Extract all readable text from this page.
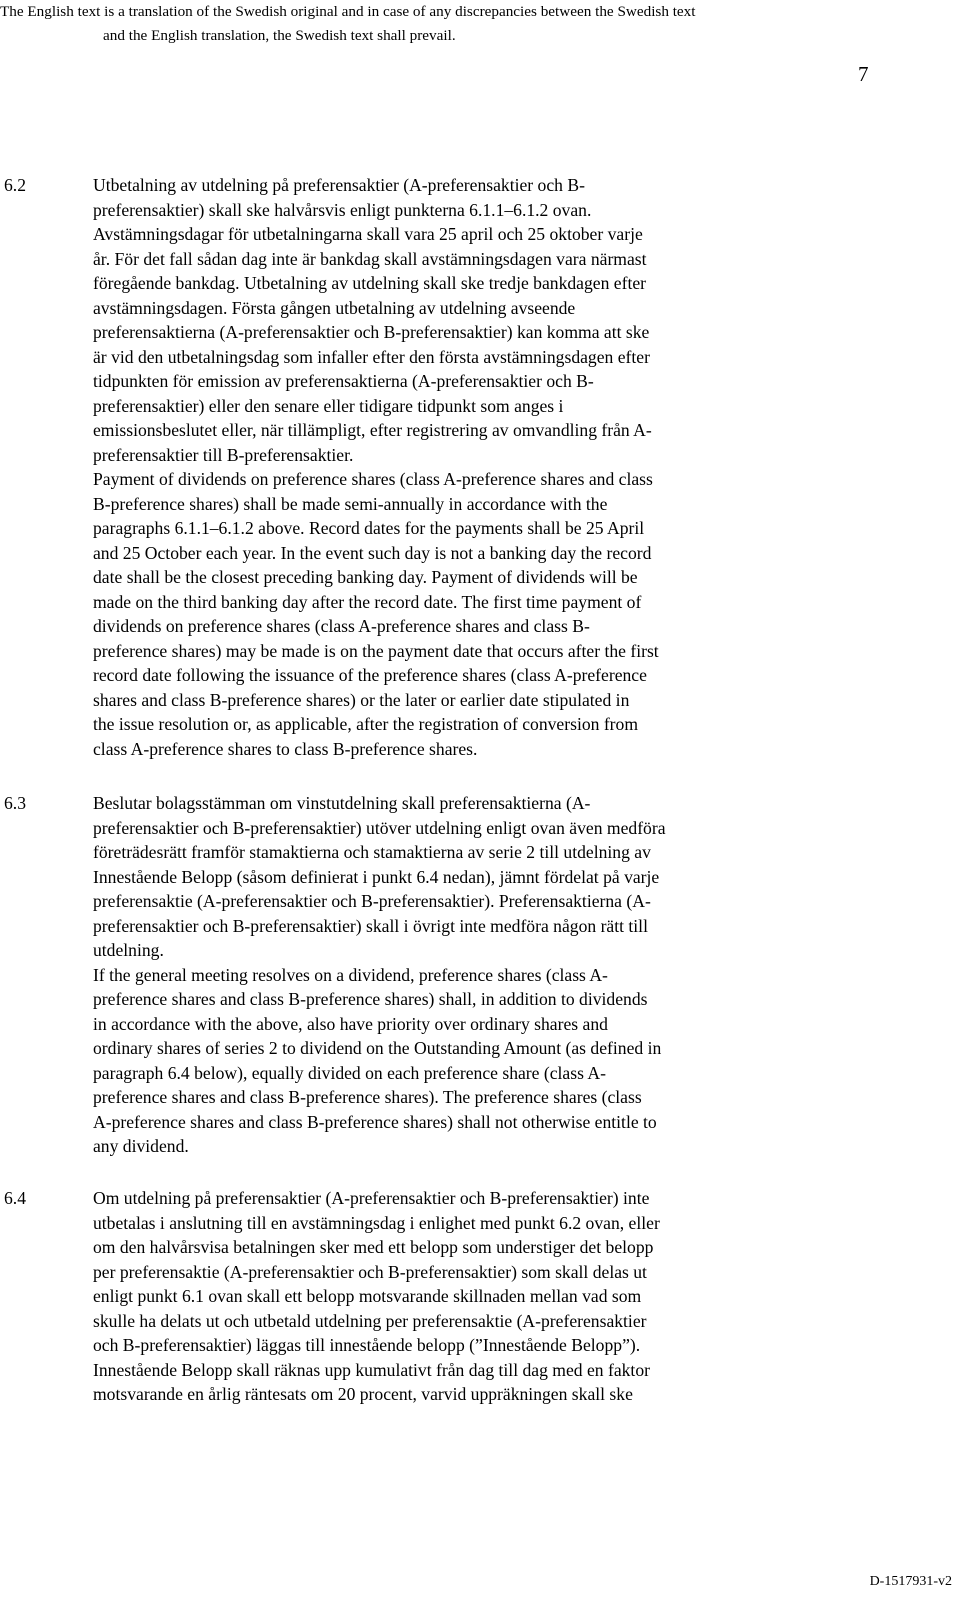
The English text is a translation of the Swedish original and in case of any discrepancies between the Swedish text
and the English translation, the Swedish text shall prevail.
7
6.2	Utbetalning av utdelning på preferensaktier (A-preferensaktier och B-
preferensaktier) skall ske halvårsvis enligt punkterna 6.1.1–6.1.2 ovan.
Avstämningsdagar för utbetalningarna skall vara 25 april och 25 oktober varje
år. För det fall sådan dag inte är bankdag skall avstämningsdagen vara närmast
föregående bankdag. Utbetalning av utdelning skall ske tredje bankdagen efter
avstämningsdagen. Första gången utbetalning av utdelning avseende
preferensaktierna (A-preferensaktier och B-preferensaktier) kan komma att ske
är vid den utbetalningsdag som infaller efter den första avstämningsdagen efter
tidpunkten för emission av preferensaktierna (A-preferensaktier och B-
preferensaktier) eller den senare eller tidigare tidpunkt som anges i
emissionsbeslutet eller, när tillämpligt, efter registrering av omvandling från A-
preferensaktier till B-preferensaktier.
Payment of dividends on preference shares (class A-preference shares and class
B-preference shares) shall be made semi-annually in accordance with the
paragraphs 6.1.1–6.1.2 above. Record dates for the payments shall be 25 April
and 25 October each year. In the event such day is not a banking day the record
date shall be the closest preceding banking day. Payment of dividends will be
made on the third banking day after the record date. The first time payment of
dividends on preference shares (class A-preference shares and class B-
preference shares) may be made is on the payment date that occurs after the first
record date following the issuance of the preference shares (class A-preference
shares and class B-preference shares) or the later or earlier date stipulated in
the issue resolution or, as applicable, after the registration of conversion from
class A-preference shares to class B-preference shares.
6.3	Beslutar bolagsstämman om vinstutdelning skall preferensaktierna (A-
preferensaktier och B-preferensaktier) utöver utdelning enligt ovan även medföra
företrädesrätt framför stamaktierna och stamaktierna av serie 2 till utdelning av
Innestående Belopp (såsom definierat i punkt 6.4 nedan), jämnt fördelat på varje
preferensaktie (A-preferensaktier och B-preferensaktier). Preferensaktierna (A-
preferensaktier och B-preferensaktier) skall i övrigt inte medföra någon rätt till
utdelning.
If the general meeting resolves on a dividend, preference shares (class A-
preference shares and class B-preference shares) shall, in addition to dividends
in accordance with the above, also have priority over ordinary shares and
ordinary shares of series 2 to dividend on the Outstanding Amount (as defined in
paragraph 6.4 below), equally divided on each preference share (class A-
preference shares and class B-preference shares). The preference shares (class
A-preference shares and class B-preference shares) shall not otherwise entitle to
any dividend.
6.4	Om utdelning på preferensaktier (A-preferensaktier och B-preferensaktier) inte
utbetalas i anslutning till en avstämningsdag i enlighet med punkt 6.2 ovan, eller
om den halvårsvisa betalningen sker med ett belopp som understiger det belopp
per preferensaktie (A-preferensaktier och B-preferensaktier) som skall delas ut
enligt punkt 6.1 ovan skall ett belopp motsvarande skillnaden mellan vad som
skulle ha delats ut och utbetald utdelning per preferensaktie (A-preferensaktier
och B-preferensaktier) läggas till innestående belopp (”Innestående Belopp”).
Innestående Belopp skall räknas upp kumulativt från dag till dag med en faktor
motsvarande en årlig räntesats om 20 procent, varvid uppräkningen skall ske
D-1517931-v2
